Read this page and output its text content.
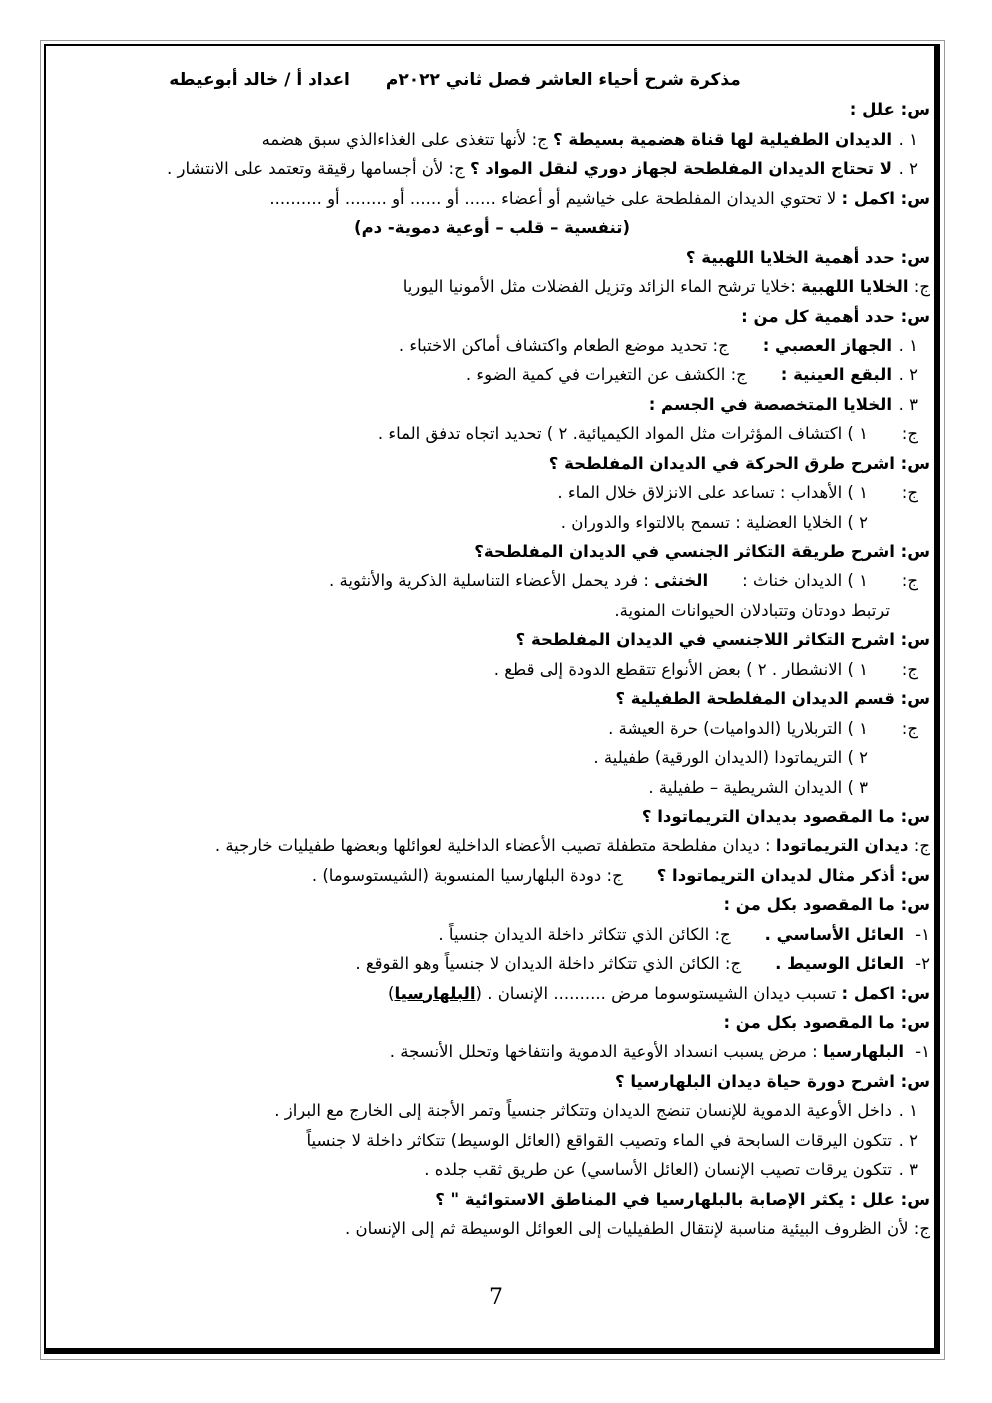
مذكرة شرح أحياء العاشر فصل ثاني ٢٠٢٢ماعداد أ / خالد أبوعيطه
س: علل :
١ .الديدان الطفيلية لها قناة هضمية بسيطة ؟ ج: لأنها تتغذى على الغذاءالذي سبق هضمه
٢ .لا تحتاج الديدان المفلطحة لجهاز دوري لنقل المواد ؟ ج: لأن أجسامها رقيقة وتعتمد على الانتشار .
س: اكمل : لا تحتوي الديدان المفلطحة على خياشيم أو أعضاء ...... أو ...... أو ........ أو ..........
(تنفسية – قلب – أوعية دموية- دم)
س: حدد أهمية الخلايا اللهبية ؟
ج: الخلايا اللهبية :خلايا ترشح الماء الزائد وتزيل الفضلات مثل الأمونيا اليوريا
س: حدد أهمية كل من :
١ .الجهاز العصبي :ج: تحديد موضع الطعام واكتشاف أماكن الاختباء .
٢ .البقع العينية :ج: الكشف عن التغيرات في كمية الضوء .
٣ .الخلايا المتخصصة في الجسم :
ج:١ ) اكتشاف المؤثرات مثل المواد الكيميائية. ٢ ) تحديد اتجاه تدفق الماء .
س: اشرح طرق الحركة في الديدان المفلطحة ؟
ج:١ ) الأهداب : تساعد على الانزلاق خلال الماء .
٢ ) الخلايا العضلية : تسمح بالالتواء والدوران .
س: اشرح طريقة التكاثر الجنسي في الديدان المفلطحة؟
ج:١ ) الديدان خناث :الخنثى : فرد يحمل الأعضاء التناسلية الذكرية والأنثوية .
ترتبط دودتان وتتبادلان الحيوانات المنوية.
س: اشرح التكاثر اللاجنسي في الديدان المفلطحة ؟
ج:١ ) الانشطار . ٢ ) بعض الأنواع تتقطع الدودة إلى قطع .
س: قسم الديدان المفلطحة الطفيلية ؟
ج:١ ) التربلاريا (الدواميات) حرة العيشة .
٢ ) التريماتودا (الديدان الورقية) طفيلية .
٣ ) الديدان الشريطية – طفيلية .
س: ما المقصود بديدان التريماتودا ؟
ج: ديدان التريماتودا : ديدان مفلطحة متطفلة تصيب الأعضاء الداخلية لعوائلها وبعضها طفيليات خارجية .
س: أذكر مثال لديدان التريماتودا ؟ج: دودة البلهارسيا المنسوبة (الشيستوسوما) .
س: ما المقصود بكل من :
١-العائل الأساسي .ج: الكائن الذي تتكاثر داخلة الديدان جنسياً .
٢-العائل الوسيط .ج: الكائن الذي تتكاثر داخلة الديدان لا جنسياً وهو القوقع .
س: اكمل : تسبب ديدان الشيستوسوما مرض .......... الإنسان . (البلهارسيا)
س: ما المقصود بكل من :
١-البلهارسيا : مرض يسبب انسداد الأوعية الدموية وانتفاخها وتحلل الأنسجة .
س: اشرح دورة حياة ديدان البلهارسيا ؟
١ .داخل الأوعية الدموية للإنسان تنضج الديدان وتتكاثر جنسياً وتمر الأجنة إلى الخارج مع البراز .
٢ .تتكون اليرقات السابحة في الماء وتصيب القواقع (العائل الوسيط) تتكاثر داخلة لا جنسياً
٣ .تتكون يرقات تصيب الإنسان (العائل الأساسي) عن طريق ثقب جلده .
س: علل : يكثر الإصابة بالبلهارسيا في المناطق الاستوائية " ؟
ج: لأن الظروف البيئية مناسبة لإنتقال الطفيليات إلى العوائل الوسيطة ثم إلى الإنسان .
7
